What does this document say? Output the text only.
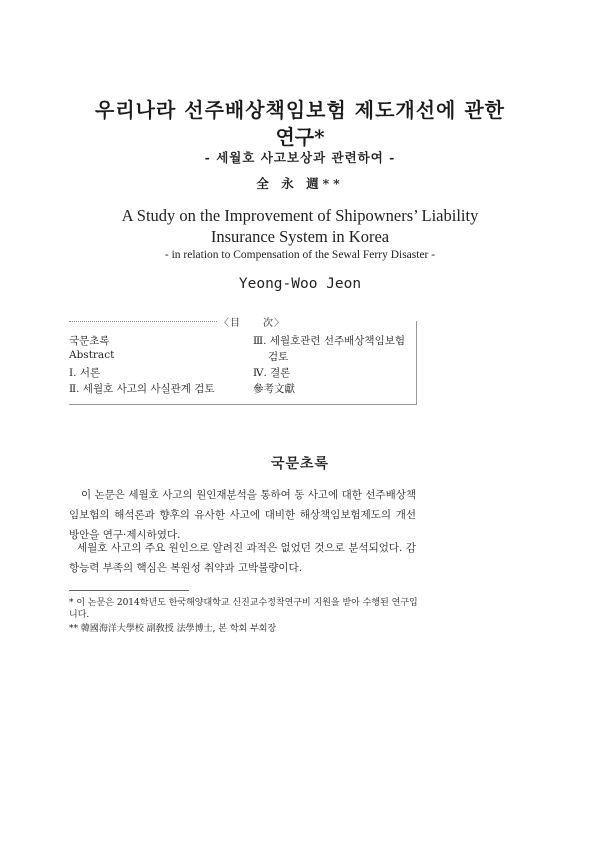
우리나라 선주배상책임보험 제도개선에 관한
연구*
- 세월호 사고보상과 관련하여 -
全 永 週**
A Study on the Improvement of Shipowners’ Liability
Insurance System in Korea
- in relation to Compensation of the Sewal Ferry Disaster -
Yeong-Woo Jeon
〈目　　次〉
국문초록
Abstract
Ⅰ. 서론
Ⅱ. 세월호 사고의 사실관계 검토
Ⅲ. 세월호관련 선주배상책임보험
검토
Ⅳ. 결론
參考文獻
국문초록

이 논문은 세월호 사고의 원인재분석을 통하여 동 사고에 대한 선주배상책임보험의 해석론과 향후의 유사한 사고에 대비한 해상책임보험제도의 개선방안을 연구·제시하였다.

세월호 사고의 주요 원인으로 알려진 과적은 없었던 것으로 분석되었다. 감항능력 부족의 핵심은 복원성 취약과 고박불량이다.

* 이 논문은 2014학년도 한국해양대학교 신진교수정착연구비 지원을 받아 수행된 연구입니다.

** 韓國海洋大學校 副敎授 法學博士, 본 학회 부회장
